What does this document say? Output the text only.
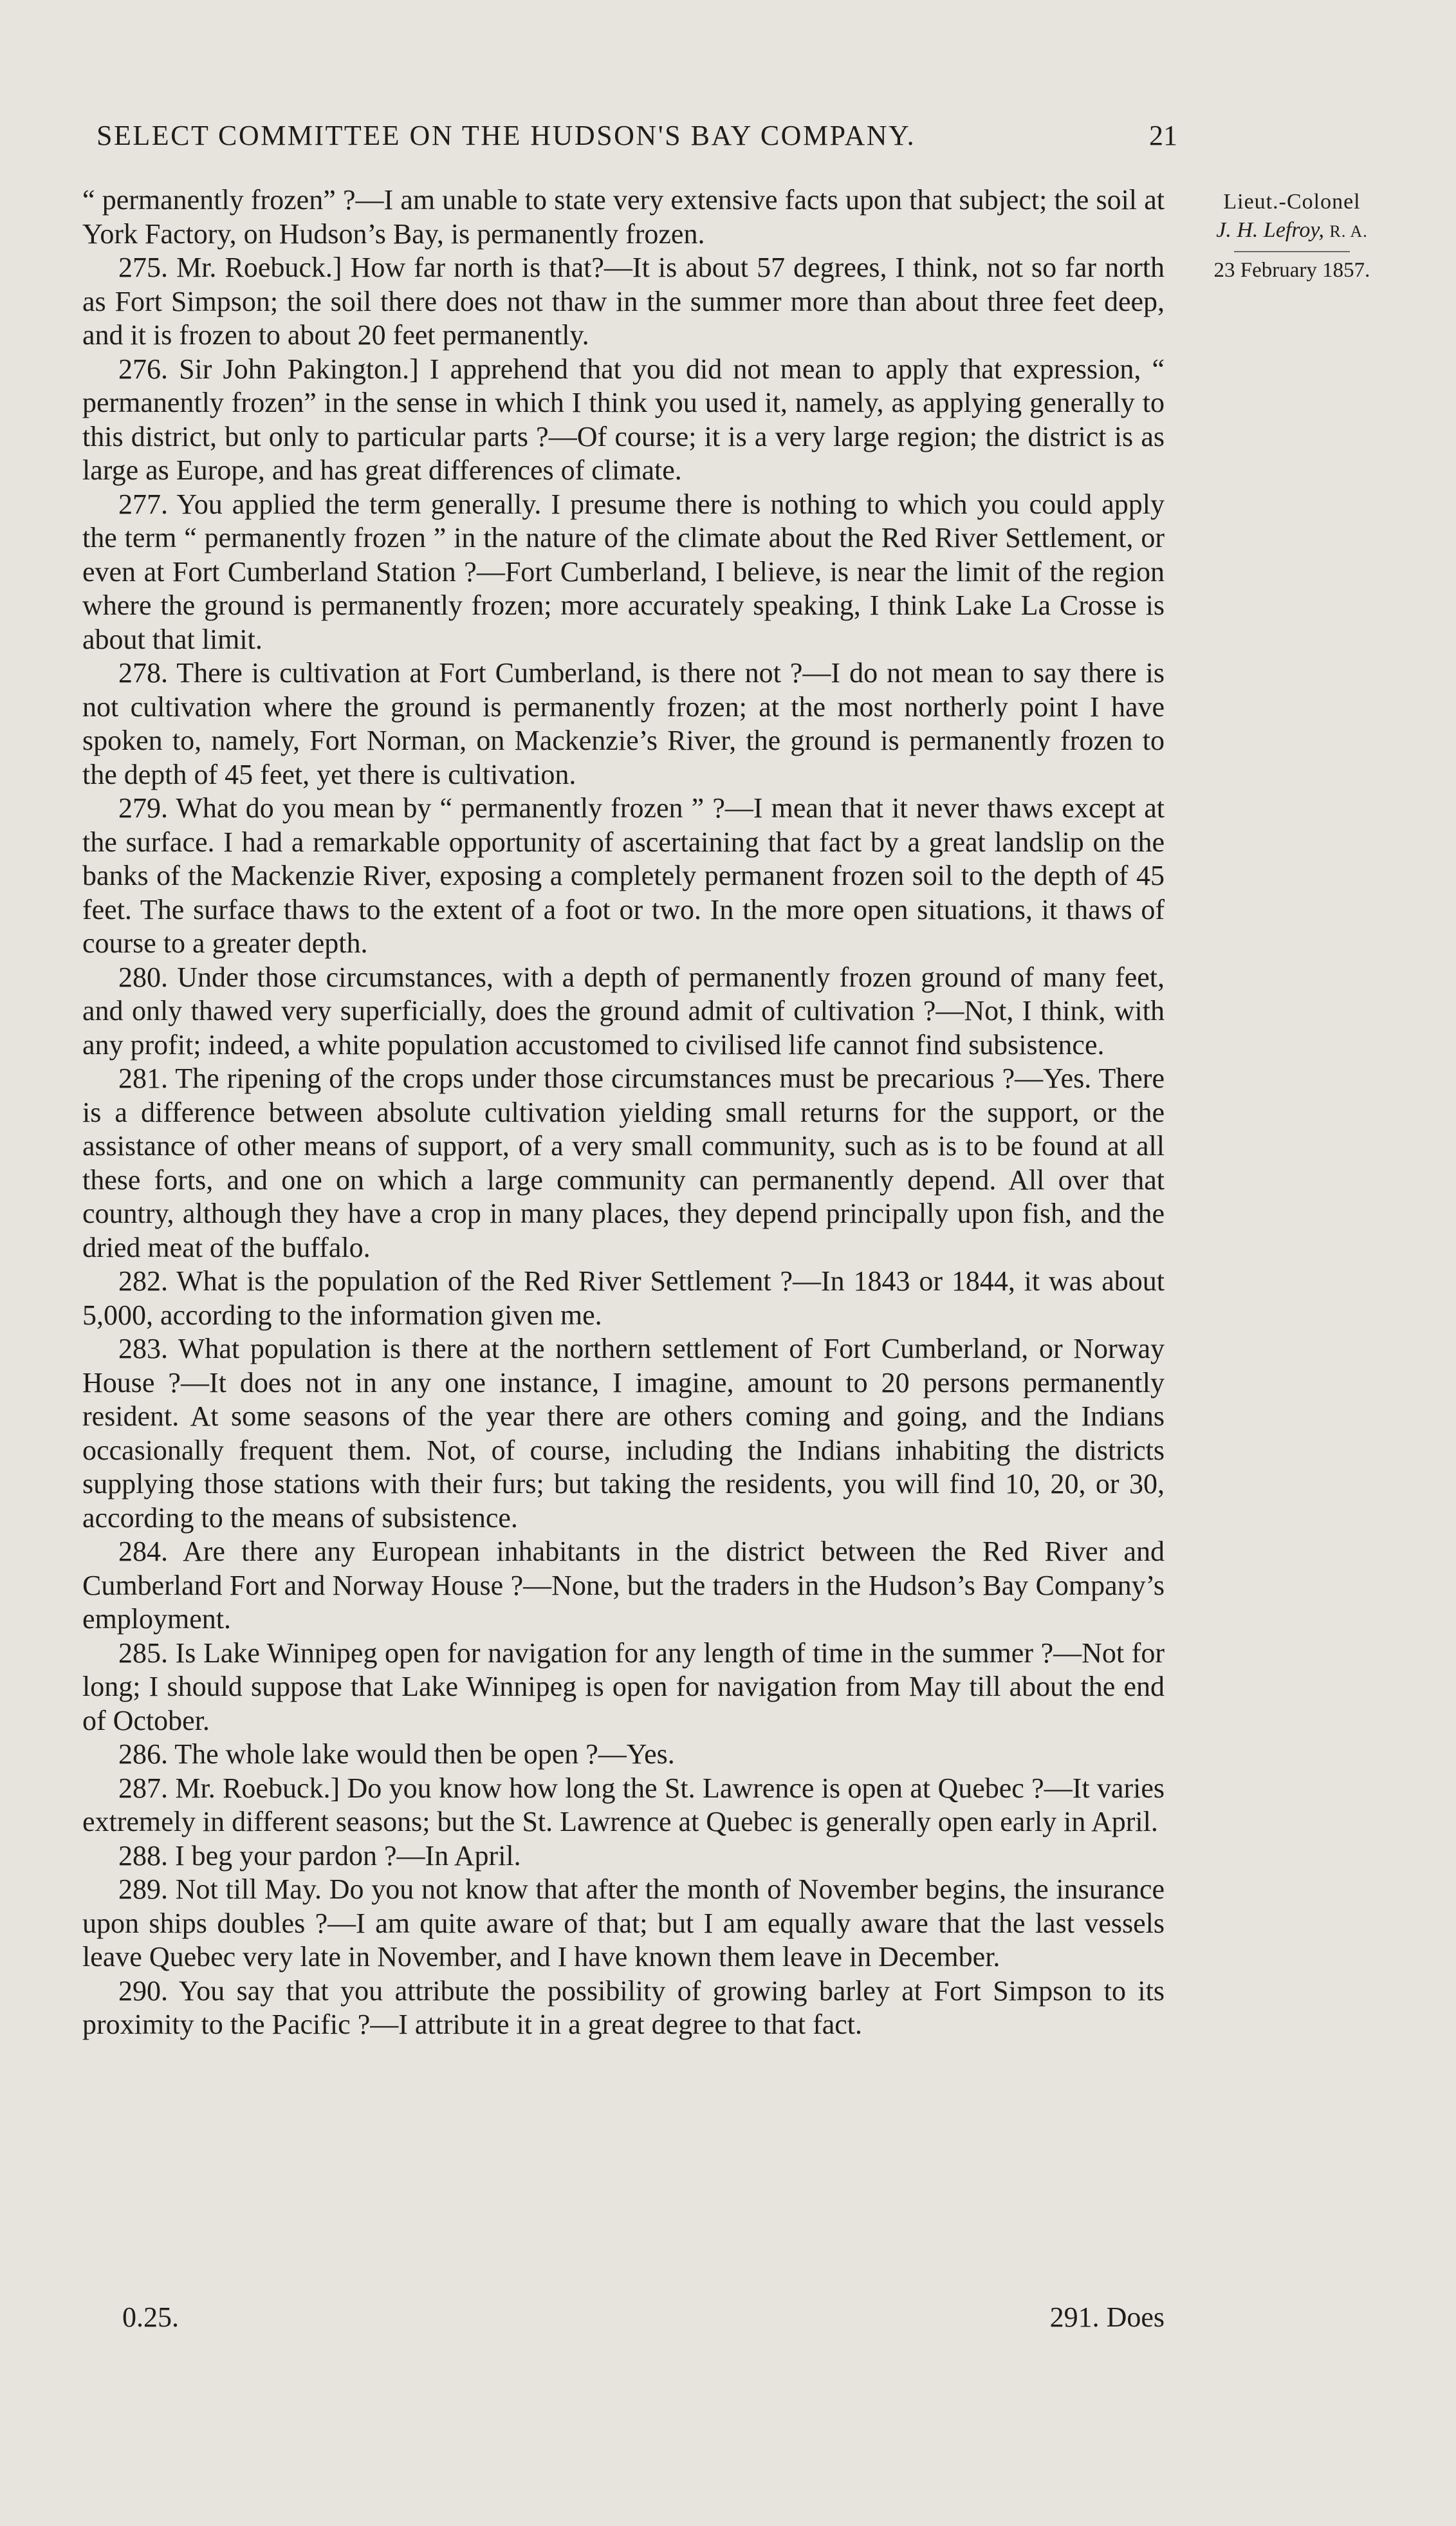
SELECT COMMITTEE ON THE HUDSON'S BAY COMPANY.	21
Lieut.-Colonel
J. H. Lefroy, R. A.
23 February 1857.

“ permanently frozen” ?—I am unable to state very extensive facts upon that subject; the soil at York Factory, on Hudson’s Bay, is permanently frozen.

275. Mr. Roebuck.] How far north is that?—It is about 57 degrees, I think, not so far north as Fort Simpson; the soil there does not thaw in the summer more than about three feet deep, and it is frozen to about 20 feet permanently.

276. Sir John Pakington.] I apprehend that you did not mean to apply that expression, “ permanently frozen” in the sense in which I think you used it, namely, as applying generally to this district, but only to particular parts ?—Of course; it is a very large region; the district is as large as Europe, and has great differences of climate.

277. You applied the term generally. I presume there is nothing to which you could apply the term “ permanently frozen ” in the nature of the climate about the Red River Settlement, or even at Fort Cumberland Station ?—Fort Cumberland, I believe, is near the limit of the region where the ground is permanently frozen; more accurately speaking, I think Lake La Crosse is about that limit.

278. There is cultivation at Fort Cumberland, is there not ?—I do not mean to say there is not cultivation where the ground is permanently frozen; at the most northerly point I have spoken to, namely, Fort Norman, on Mackenzie’s River, the ground is permanently frozen to the depth of 45 feet, yet there is cultivation.

279. What do you mean by “ permanently frozen ” ?—I mean that it never thaws except at the surface. I had a remarkable opportunity of ascertaining that fact by a great landslip on the banks of the Mackenzie River, exposing a completely permanent frozen soil to the depth of 45 feet. The surface thaws to the extent of a foot or two. In the more open situations, it thaws of course to a greater depth.

280. Under those circumstances, with a depth of permanently frozen ground of many feet, and only thawed very superficially, does the ground admit of cultivation ?—Not, I think, with any profit; indeed, a white population accustomed to civilised life cannot find subsistence.

281. The ripening of the crops under those circumstances must be precarious ?—Yes. There is a difference between absolute cultivation yielding small returns for the support, or the assistance of other means of support, of a very small community, such as is to be found at all these forts, and one on which a large community can permanently depend. All over that country, although they have a crop in many places, they depend principally upon fish, and the dried meat of the buffalo.

282. What is the population of the Red River Settlement ?—In 1843 or 1844, it was about 5,000, according to the information given me.

283. What population is there at the northern settlement of Fort Cumberland, or Norway House ?—It does not in any one instance, I imagine, amount to 20 persons permanently resident. At some seasons of the year there are others coming and going, and the Indians occasionally frequent them. Not, of course, including the Indians inhabiting the districts supplying those stations with their furs; but taking the residents, you will find 10, 20, or 30, according to the means of subsistence.

284. Are there any European inhabitants in the district between the Red River and Cumberland Fort and Norway House ?—None, but the traders in the Hudson’s Bay Company’s employment.

285. Is Lake Winnipeg open for navigation for any length of time in the summer ?—Not for long; I should suppose that Lake Winnipeg is open for navigation from May till about the end of October.

286. The whole lake would then be open ?—Yes.

287. Mr. Roebuck.] Do you know how long the St. Lawrence is open at Quebec ?—It varies extremely in different seasons; but the St. Lawrence at Quebec is generally open early in April.

288. I beg your pardon ?—In April.

289. Not till May. Do you not know that after the month of November begins, the insurance upon ships doubles ?—I am quite aware of that; but I am equally aware that the last vessels leave Quebec very late in November, and I have known them leave in December.

290. You say that you attribute the possibility of growing barley at Fort Simpson to its proximity to the Pacific ?—I attribute it in a great degree to that fact.

0.25.	291. Does
